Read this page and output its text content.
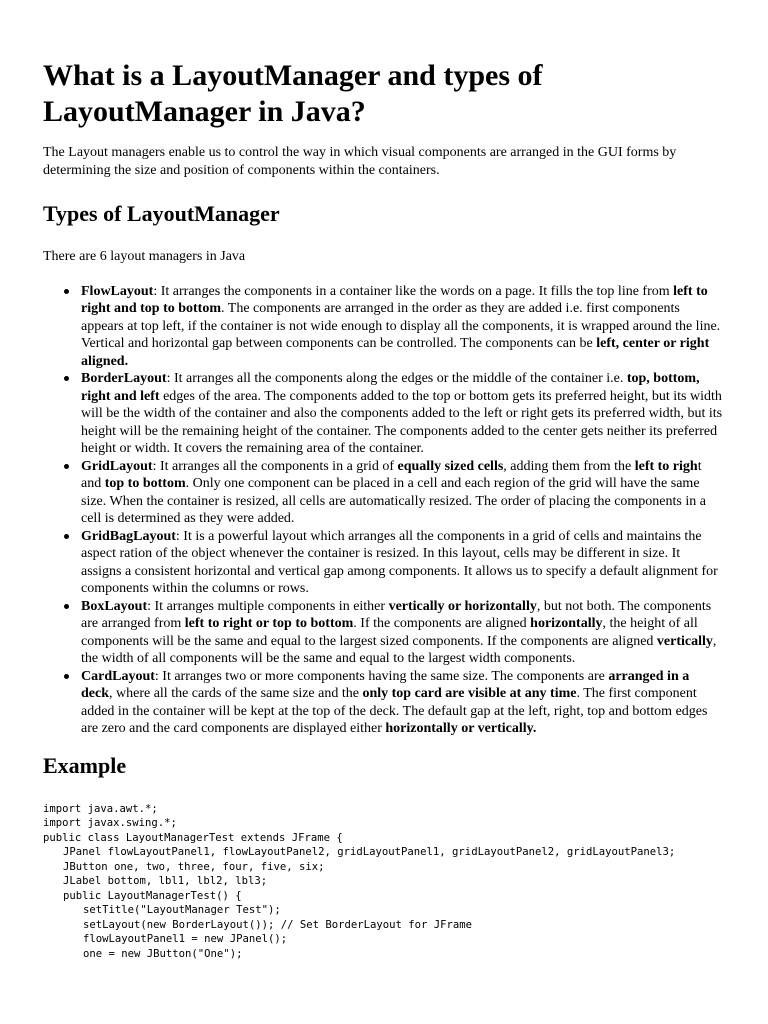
What is a LayoutManager and types of LayoutManager in Java?

The Layout managers enable us to control the way in which visual components are arranged in the GUI forms by determining the size and position of components within the containers.

Types of LayoutManager

There are 6 layout managers in Java

FlowLayout: It arranges the components in a container like the words on a page. It fills the top line from left to right and top to bottom. The components are arranged in the order as they are added i.e. first components appears at top left, if the container is not wide enough to display all the components, it is wrapped around the line. Vertical and horizontal gap between components can be controlled. The components can be left, center or right aligned.
BorderLayout: It arranges all the components along the edges or the middle of the container i.e. top, bottom, right and left edges of the area. The components added to the top or bottom gets its preferred height, but its width will be the width of the container and also the components added to the left or right gets its preferred width, but its height will be the remaining height of the container. The components added to the center gets neither its preferred height or width. It covers the remaining area of the container.
GridLayout: It arranges all the components in a grid of equally sized cells, adding them from the left to right and top to bottom. Only one component can be placed in a cell and each region of the grid will have the same size. When the container is resized, all cells are automatically resized. The order of placing the components in a cell is determined as they were added.
GridBagLayout: It is a powerful layout which arranges all the components in a grid of cells and maintains the aspect ration of the object whenever the container is resized. In this layout, cells may be different in size. It assigns a consistent horizontal and vertical gap among components. It allows us to specify a default alignment for components within the columns or rows.
BoxLayout: It arranges multiple components in either vertically or horizontally, but not both. The components are arranged from left to right or top to bottom. If the components are aligned horizontally, the height of all components will be the same and equal to the largest sized components. If the components are aligned vertically, the width of all components will be the same and equal to the largest width components.
CardLayout: It arranges two or more components having the same size. The components are arranged in a deck, where all the cards of the same size and the only top card are visible at any time. The first component added in the container will be kept at the top of the deck. The default gap at the left, right, top and bottom edges are zero and the card components are displayed either horizontally or vertically.
Example
import java.awt.*;
import javax.swing.*;
public class LayoutManagerTest extends JFrame {
JPanel flowLayoutPanel1, flowLayoutPanel2, gridLayoutPanel1, gridLayoutPanel2, gridLayoutPanel3;
JButton one, two, three, four, five, six;
JLabel bottom, lbl1, lbl2, lbl3;
public LayoutManagerTest() {
setTitle("LayoutManager Test");
setLayout(new BorderLayout()); // Set BorderLayout for JFrame
flowLayoutPanel1 = new JPanel();
one = new JButton("One");
